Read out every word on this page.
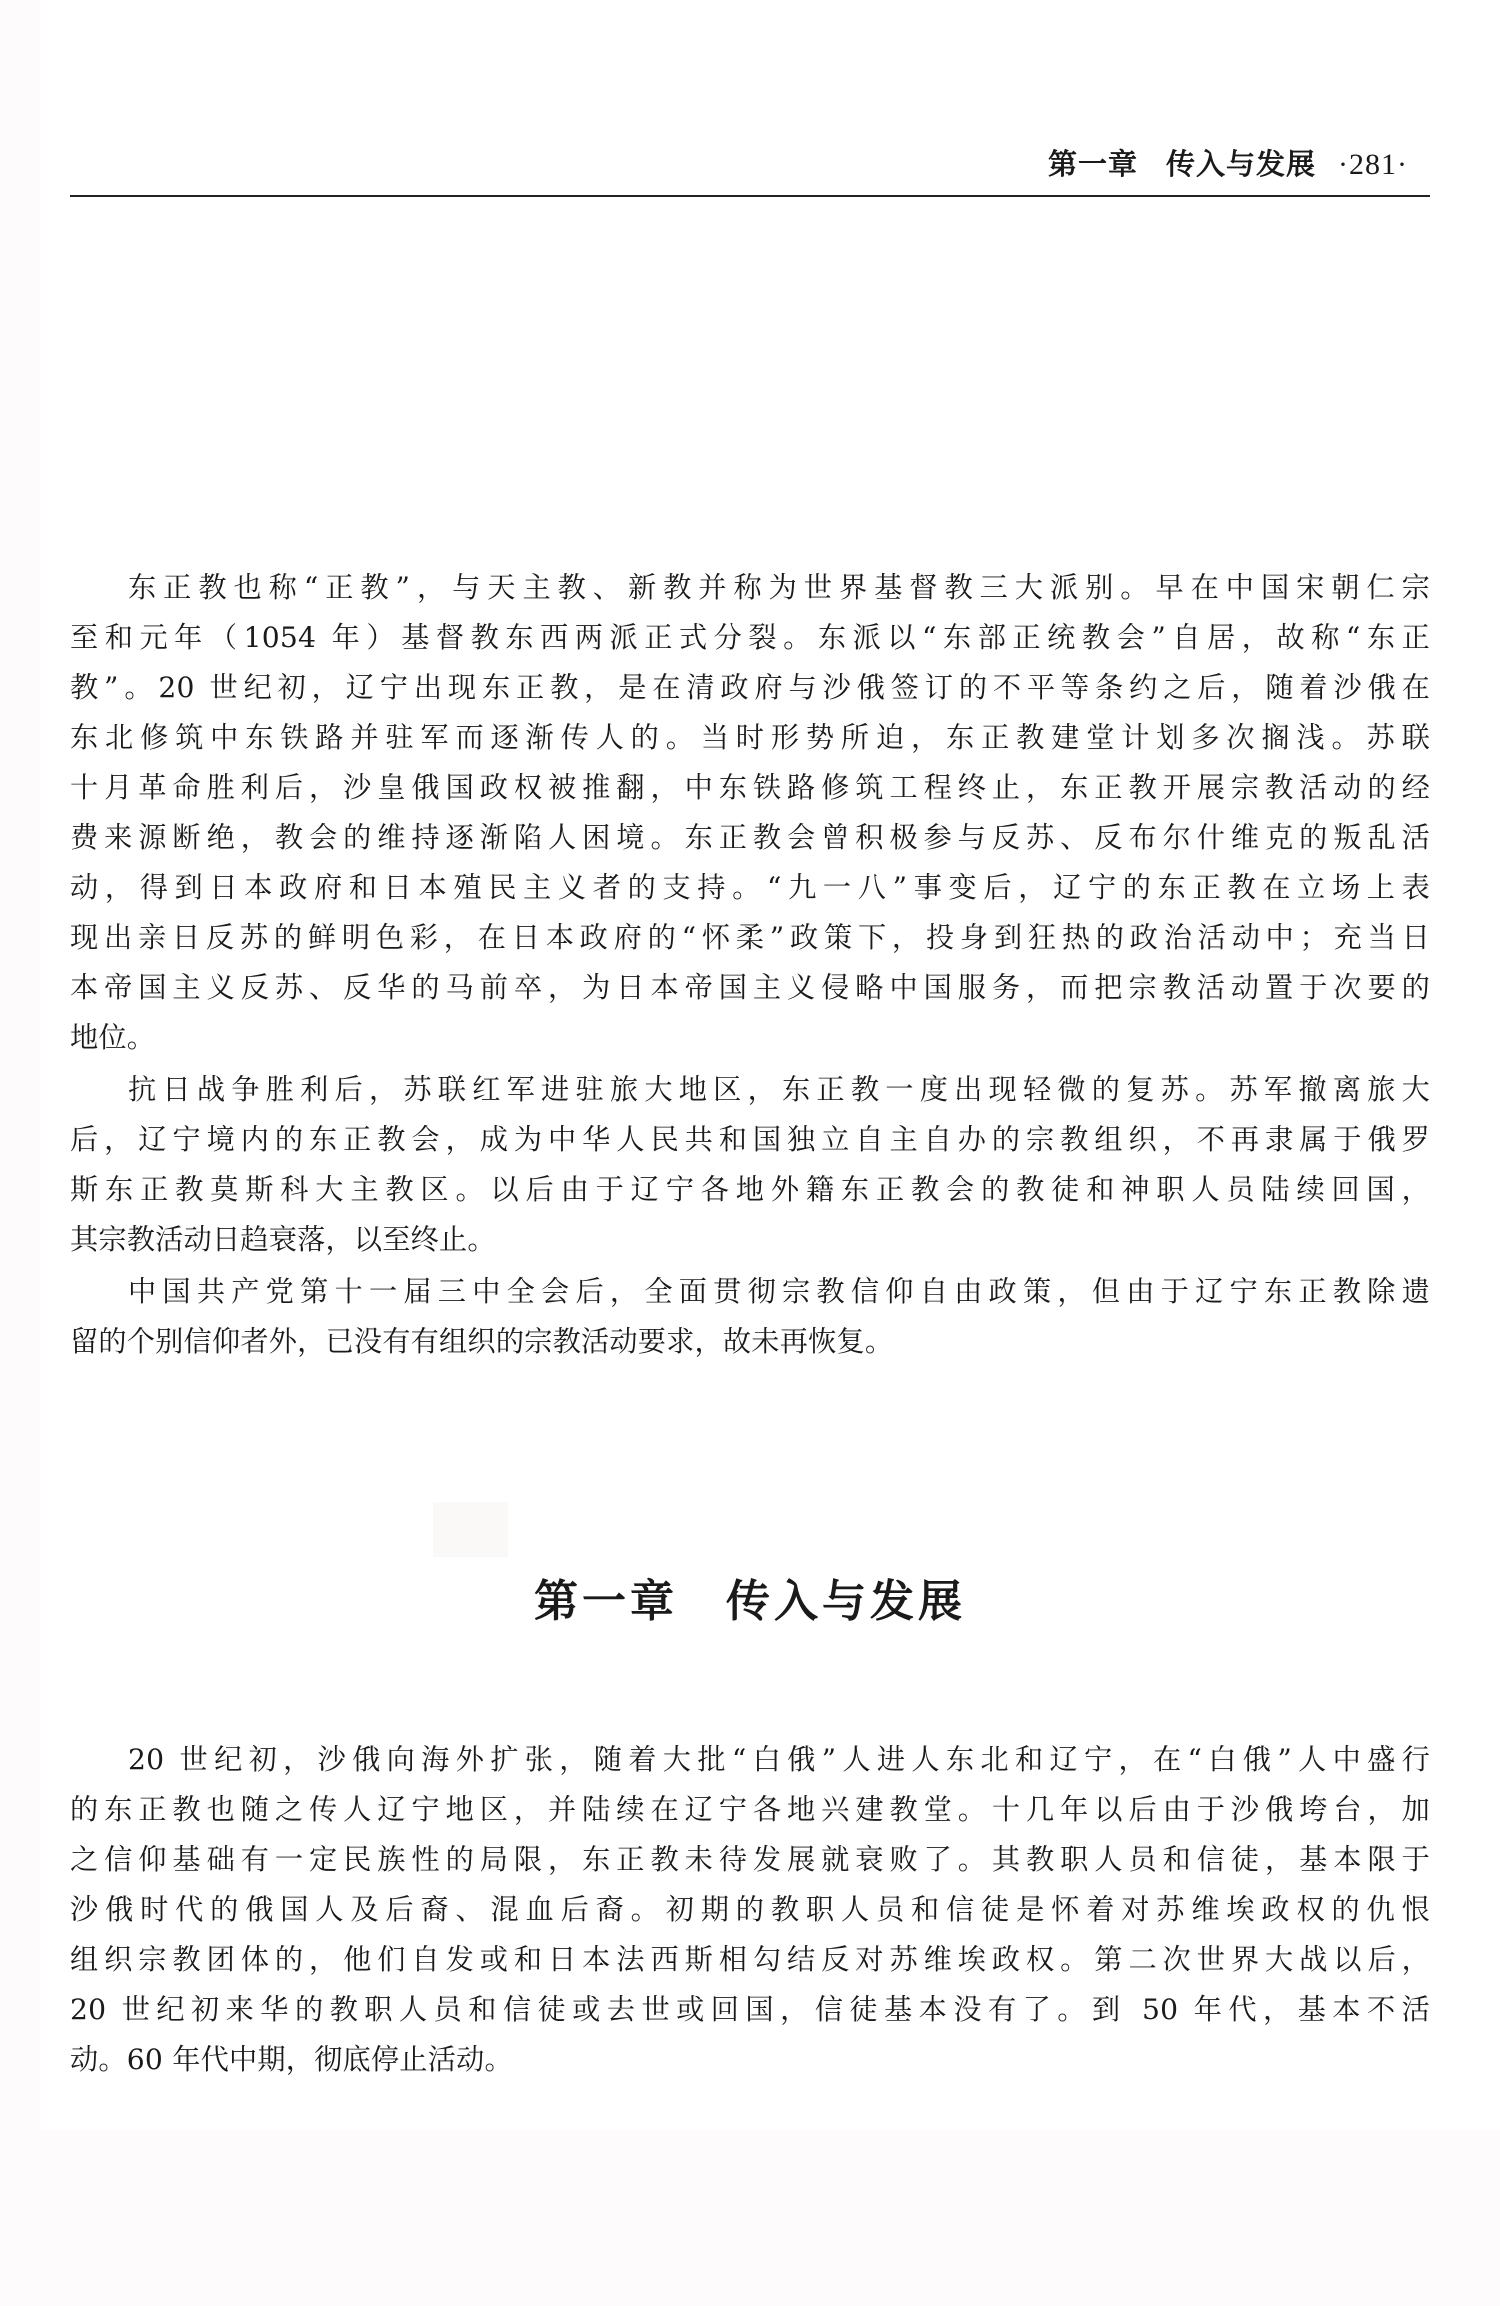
第一章 传入与发展 ·281·
东正教也称“正教”，与天主教、新教并称为世界基督教三大派别。早在中国宋朝仁宗
至和元年（1054 年）基督教东西两派正式分裂。东派以“东部正统教会”自居，故称“东正
教”。20 世纪初，辽宁出现东正教，是在清政府与沙俄签订的不平等条约之后，随着沙俄在
东北修筑中东铁路并驻军而逐渐传人的。当时形势所迫，东正教建堂计划多次搁浅。苏联
十月革命胜利后，沙皇俄国政权被推翻，中东铁路修筑工程终止，东正教开展宗教活动的经
费来源断绝，教会的维持逐渐陷人困境。东正教会曾积极参与反苏、反布尔什维克的叛乱活
动，得到日本政府和日本殖民主义者的支持。“九一八”事变后，辽宁的东正教在立场上表
现出亲日反苏的鲜明色彩，在日本政府的“怀柔”政策下，投身到狂热的政治活动中；充当日
本帝国主义反苏、反华的马前卒，为日本帝国主义侵略中国服务，而把宗教活动置于次要的
地位。
抗日战争胜利后，苏联红军进驻旅大地区，东正教一度出现轻微的复苏。苏军撤离旅大
后，辽宁境内的东正教会，成为中华人民共和国独立自主自办的宗教组织，不再隶属于俄罗
斯东正教莫斯科大主教区。以后由于辽宁各地外籍东正教会的教徒和神职人员陆续回国，
其宗教活动日趋衰落，以至终止。
中国共产党第十一届三中全会后，全面贯彻宗教信仰自由政策，但由于辽宁东正教除遗
留的个别信仰者外，已没有有组织的宗教活动要求，故未再恢复。
第一章 传入与发展
20 世纪初，沙俄向海外扩张，随着大批“白俄”人进人东北和辽宁，在“白俄”人中盛行
的东正教也随之传人辽宁地区，并陆续在辽宁各地兴建教堂。十几年以后由于沙俄垮台，加
之信仰基础有一定民族性的局限，东正教未待发展就衰败了。其教职人员和信徒，基本限于
沙俄时代的俄国人及后裔、混血后裔。初期的教职人员和信徒是怀着对苏维埃政权的仇恨
组织宗教团体的，他们自发或和日本法西斯相勾结反对苏维埃政权。第二次世界大战以后，
20 世纪初来华的教职人员和信徒或去世或回国，信徒基本没有了。到 50 年代，基本不活
动。60 年代中期，彻底停止活动。
